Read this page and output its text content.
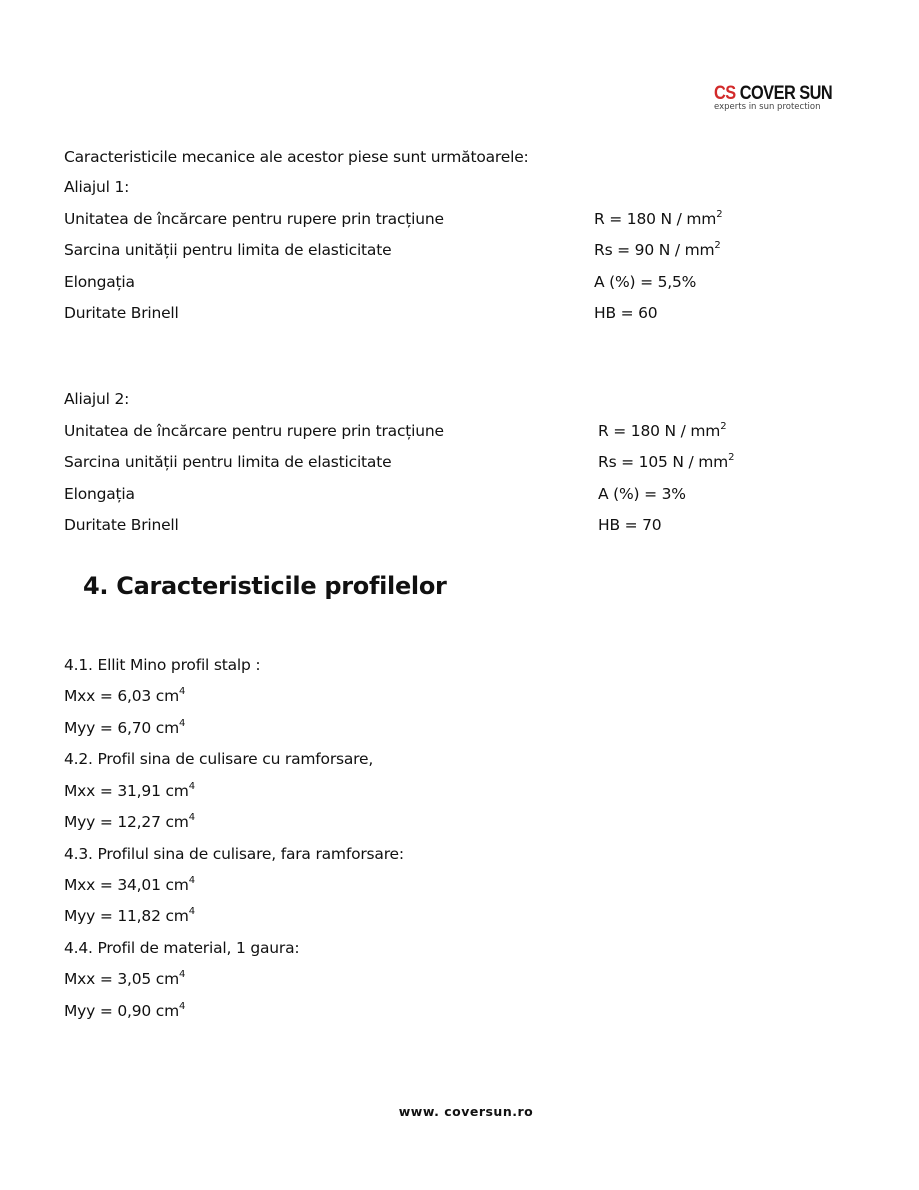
CS COVER SUN
experts in sun protection
Caracteristicile mecanice ale acestor piese sunt următoarele:
Aliajul 1:
Unitatea de încărcare pentru rupere prin tracțiune	R = 180 N / $mm^2$
Sarcina unității pentru limita de elasticitate	Rs = 90 N / $mm^2$
Elongația	A (%) = 5,5%
Duritate Brinell	HB = 60
Aliajul 2:
Unitatea de încărcare pentru rupere prin tracțiune	R = 180 N / $mm^2$
Sarcina unității pentru limita de elasticitate	Rs = 105 N / $mm^2$
Elongația	A (%) = 3%
Duritate Brinell	HB = 70
4. Caracteristicile profilelor
4.1. Ellit Mino profil stalp :
Mxx = 6,03 $cm^4$
Myy = 6,70 $cm^4$
4.2. Profil sina de culisare cu ramforsare,
Mxx = 31,91 $cm^4$
Myy = 12,27 $cm^4$
4.3. Profilul sina de culisare, fara ramforsare:
Mxx = 34,01 $cm^4$
Myy = 11,82 $cm^4$
4.4. Profil de material, 1 gaura:
Mxx = 3,05 $cm^4$
Myy = 0,90 $cm^4$
www. coversun.ro
